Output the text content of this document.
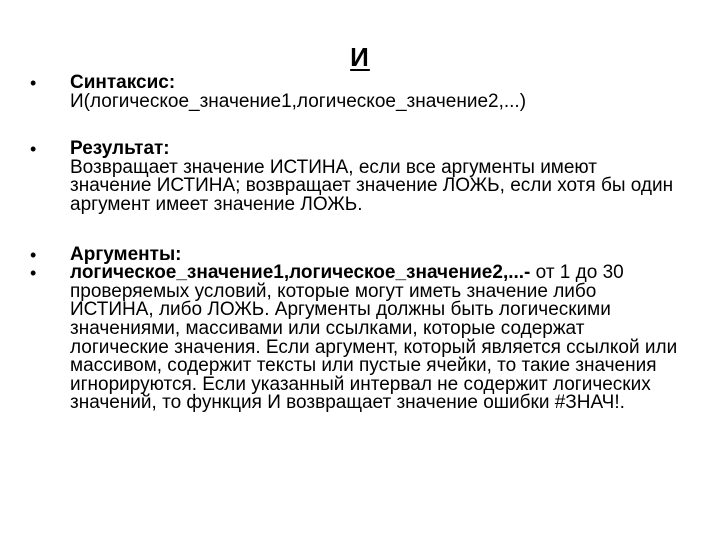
И
•	Синтаксис:
И(логическое_значение1,логическое_значение2,...)
•	Результат:
Возвращает значение ИСТИНА, если все аргументы имеют значение ИСТИНА; возвращает значение ЛОЖЬ, если хотя бы один аргумент имеет значение ЛОЖЬ.
•	Аргументы:
•	логическое_значение1,логическое_значение2,...- от 1 до 30 проверяемых условий, которые могут иметь значение либо ИСТИНА, либо ЛОЖЬ. Аргументы должны быть логическими значениями, массивами или ссылками, которые содержат логические значения. Если аргумент, который является ссылкой или массивом, содержит тексты или пустые ячейки, то такие значения игнорируются. Если указанный интервал не содержит логических значений, то функция И возвращает значение ошибки #ЗНАЧ!.
